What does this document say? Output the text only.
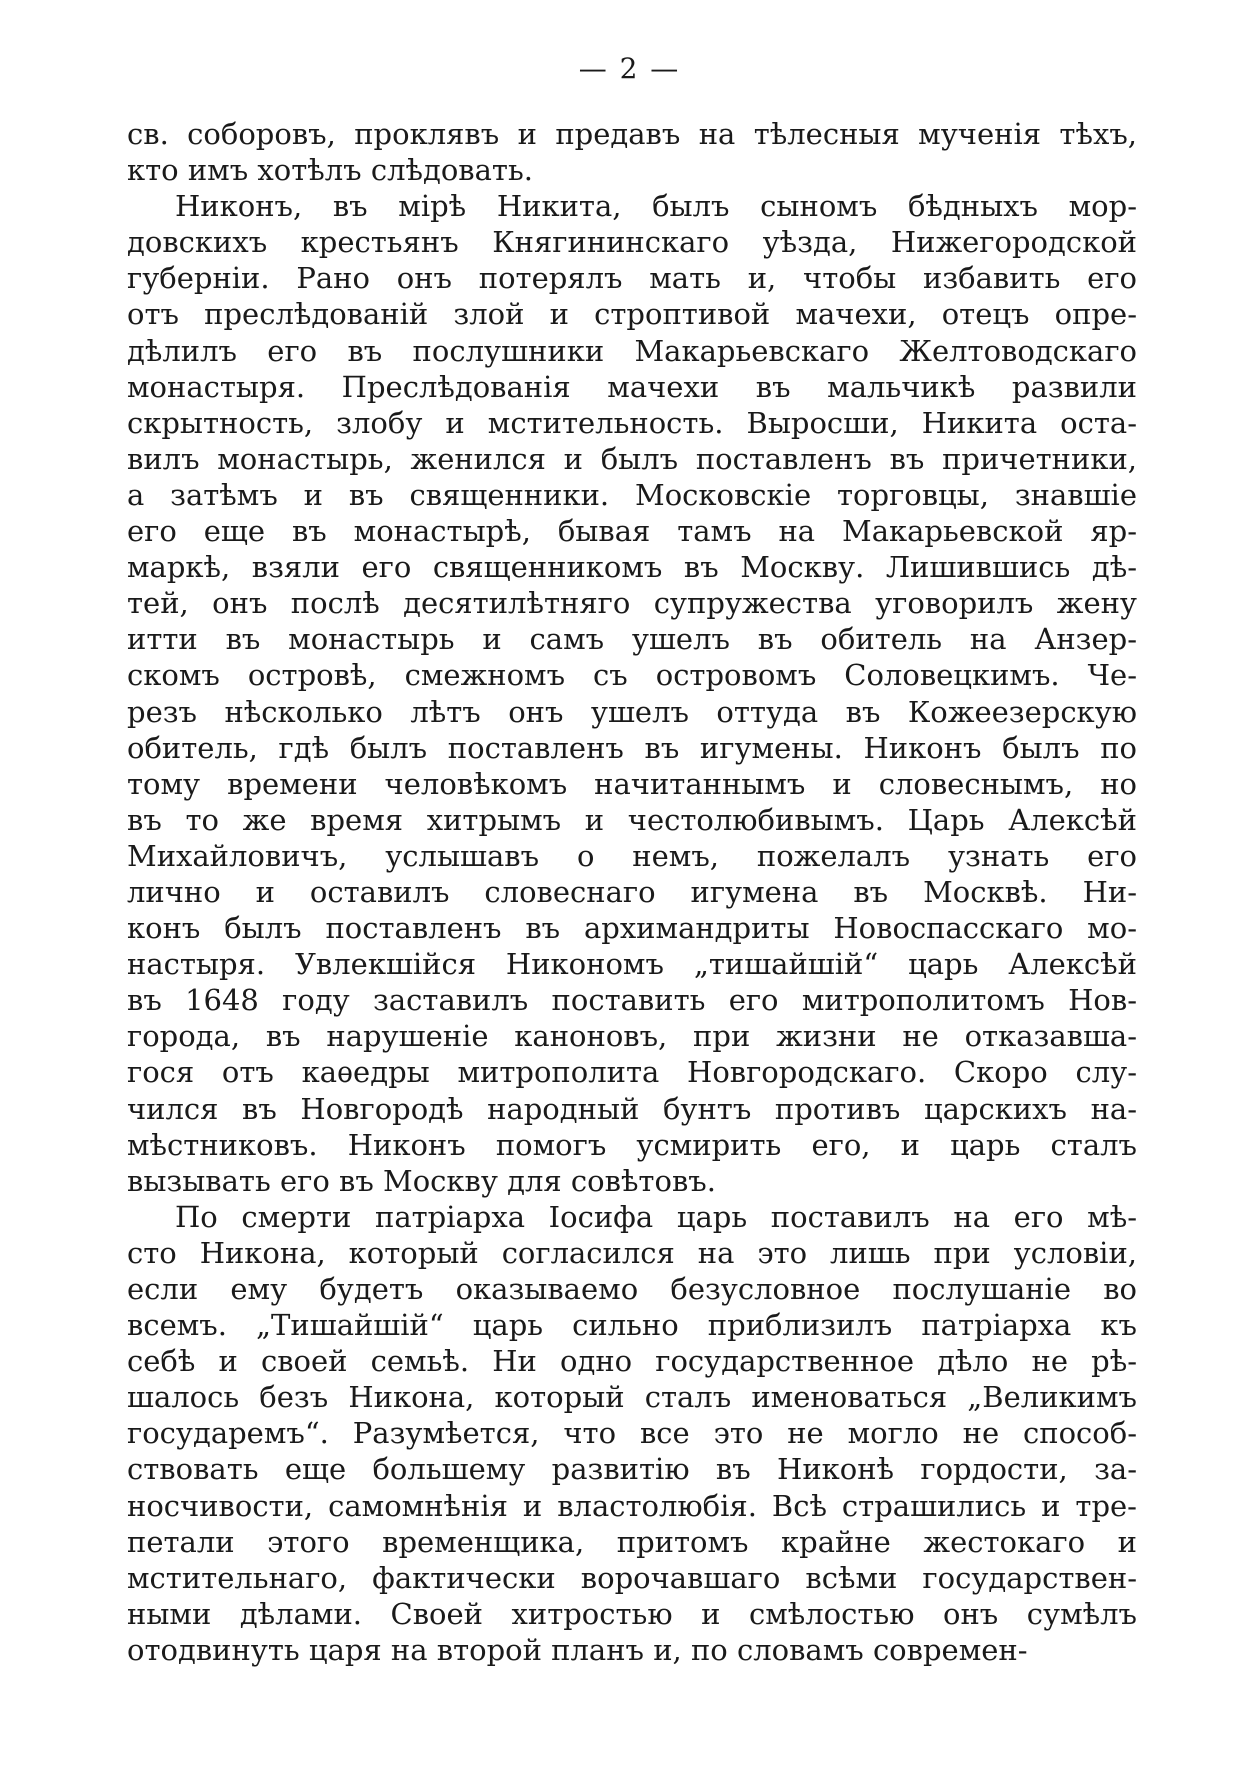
— 2 —
св. соборовъ, проклявъ и предавъ на тѣлесныя мученія тѣхъ,
кто имъ хотѣлъ слѣдовать.
Никонъ, въ мірѣ Никита, былъ сыномъ бѣдныхъ мор-
довскихъ крестьянъ Княгининскаго уѣзда, Нижегородской
губерніи. Рано онъ потерялъ мать и, чтобы избавить его
отъ преслѣдованій злой и строптивой мачехи, отецъ опре-
дѣлилъ его въ послушники Макарьевскаго Желтоводскаго
монастыря. Преслѣдованія мачехи въ мальчикѣ развили
скрытность, злобу и мстительность. Выросши, Никита оста-
вилъ монастырь, женился и былъ поставленъ въ причетники,
а затѣмъ и въ священники. Московскіе торговцы, знавшіе
его еще въ монастырѣ, бывая тамъ на Макарьевской яр-
маркѣ, взяли его священникомъ въ Москву. Лишившись дѣ-
тей, онъ послѣ десятилѣтняго супружества уговорилъ жену
итти въ монастырь и самъ ушелъ въ обитель на Анзер-
скомъ островѣ, смежномъ съ островомъ Соловецкимъ. Че-
резъ нѣсколько лѣтъ онъ ушелъ оттуда въ Кожеезерскую
обитель, гдѣ былъ поставленъ въ игумены. Никонъ былъ по
тому времени человѣкомъ начитаннымъ и словеснымъ, но
въ то же время хитрымъ и честолюбивымъ. Царь Алексѣй
Михайловичъ, услышавъ о немъ, пожелалъ узнать его
лично и оставилъ словеснаго игумена въ Москвѣ. Ни-
конъ былъ поставленъ въ архимандриты Новоспасскаго мо-
настыря. Увлекшійся Никономъ „тишайшій“ царь Алексѣй
въ 1648 году заставилъ поставить его митрополитомъ Нов-
города, въ нарушеніе каноновъ, при жизни не отказавша-
гося отъ каѳедры митрополита Новгородскаго. Скоро слу-
чился въ Новгородѣ народный бунтъ противъ царскихъ на-
мѣстниковъ. Никонъ помогъ усмирить его, и царь сталъ
вызывать его въ Москву для совѣтовъ.
По смерти патріарха Іосифа царь поставилъ на его мѣ-
сто Никона, который согласился на это лишь при условіи,
если ему будетъ оказываемо безусловное послушаніе во
всемъ. „Тишайшій“ царь сильно приблизилъ патріарха къ
себѣ и своей семьѣ. Ни одно государственное дѣло не рѣ-
шалось безъ Никона, который сталъ именоваться „Великимъ
государемъ“. Разумѣется, что все это не могло не способ-
ствовать еще большему развитію въ Никонѣ гордости, за-
носчивости, самомнѣнія и властолюбія. Всѣ страшились и тре-
петали этого временщика, притомъ крайне жестокаго и
мстительнаго, фактически ворочавшаго всѣми государствен-
ными дѣлами. Своей хитростью и смѣлостью онъ сумѣлъ
отодвинуть царя на второй планъ и, по словамъ современ-
